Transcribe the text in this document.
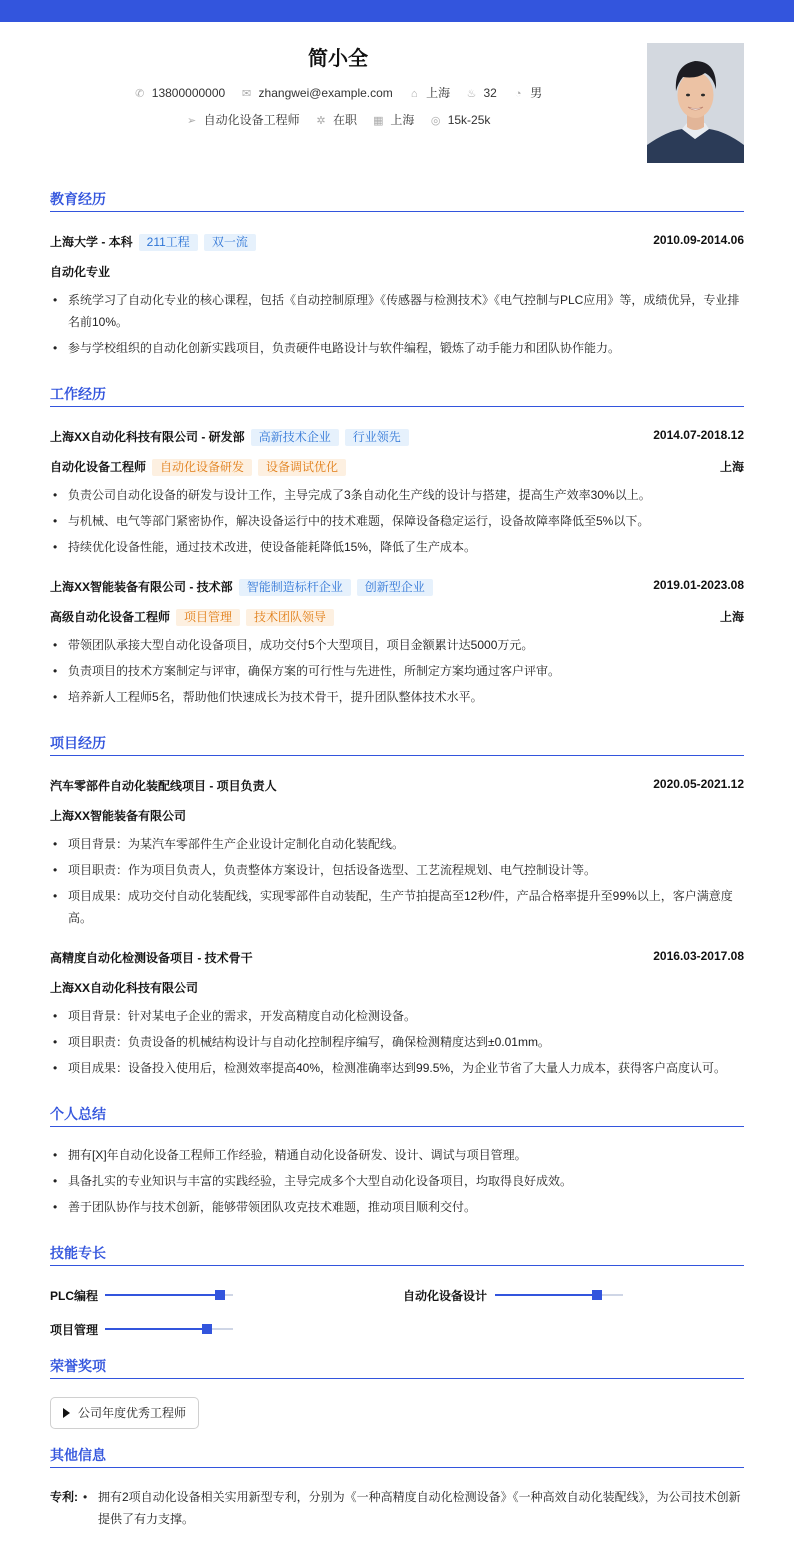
简小全
✆ 13800000000 ✉ zhangwei@example.com ⌂ 上海 ♨ 32 ◔ 男
➢ 自动化设备工程师 ✲ 在职 ▦ 上海 ◎ 15k-25k
教育经历
上海大学 - 本科 211工程 双一流	2010.09-2014.06
自动化专业
• 系统学习了自动化专业的核心课程，包括《自动控制原理》《传感器与检测技术》《电气控制与PLC应用》等，成绩优异，专业排名前10%。
• 参与学校组织的自动化创新实践项目，负责硬件电路设计与软件编程，锻炼了动手能力和团队协作能力。
工作经历
上海XX自动化科技有限公司 - 研发部 高新技术企业 行业领先	2014.07-2018.12
自动化设备工程师 自动化设备研发 设备调试优化	上海
• 负责公司自动化设备的研发与设计工作，主导完成了3条自动化生产线的设计与搭建，提高生产效率30%以上。
• 与机械、电气等部门紧密协作，解决设备运行中的技术难题，保障设备稳定运行，设备故障率降低至5%以下。
• 持续优化设备性能，通过技术改进，使设备能耗降低15%，降低了生产成本。
上海XX智能装备有限公司 - 技术部 智能制造标杆企业 创新型企业	2019.01-2023.08
高级自动化设备工程师 项目管理 技术团队领导	上海
• 带领团队承接大型自动化设备项目，成功交付5个大型项目，项目金额累计达5000万元。
• 负责项目的技术方案制定与评审，确保方案的可行性与先进性，所制定方案均通过客户评审。
• 培养新人工程师5名，帮助他们快速成长为技术骨干，提升团队整体技术水平。
项目经历
汽车零部件自动化装配线项目 - 项目负责人	2020.05-2021.12
上海XX智能装备有限公司
• 项目背景：为某汽车零部件生产企业设计定制化自动化装配线。
• 项目职责：作为项目负责人，负责整体方案设计，包括设备选型、工艺流程规划、电气控制设计等。
• 项目成果：成功交付自动化装配线，实现零部件自动装配，生产节拍提高至12秒/件，产品合格率提升至99%以上，客户满意度高。
高精度自动化检测设备项目 - 技术骨干	2016.03-2017.08
上海XX自动化科技有限公司
• 项目背景：针对某电子企业的需求，开发高精度自动化检测设备。
• 项目职责：负责设备的机械结构设计与自动化控制程序编写，确保检测精度达到±0.01mm。
• 项目成果：设备投入使用后，检测效率提高40%，检测准确率达到99.5%，为企业节省了大量人力成本，获得客户高度认可。
个人总结
• 拥有[X]年自动化设备工程师工作经验，精通自动化设备研发、设计、调试与项目管理。
• 具备扎实的专业知识与丰富的实践经验，主导完成多个大型自动化设备项目，均取得良好成效。
• 善于团队协作与技术创新，能够带领团队攻克技术难题，推动项目顺利交付。
技能专长
PLC编程	自动化设备设计
项目管理
荣誉奖项
公司年度优秀工程师
其他信息
专利:
•	拥有2项自动化设备相关实用新型专利，分别为《一种高精度自动化检测设备》《一种高效自动化装配线》，为公司技术创新提供了有力支撑。
